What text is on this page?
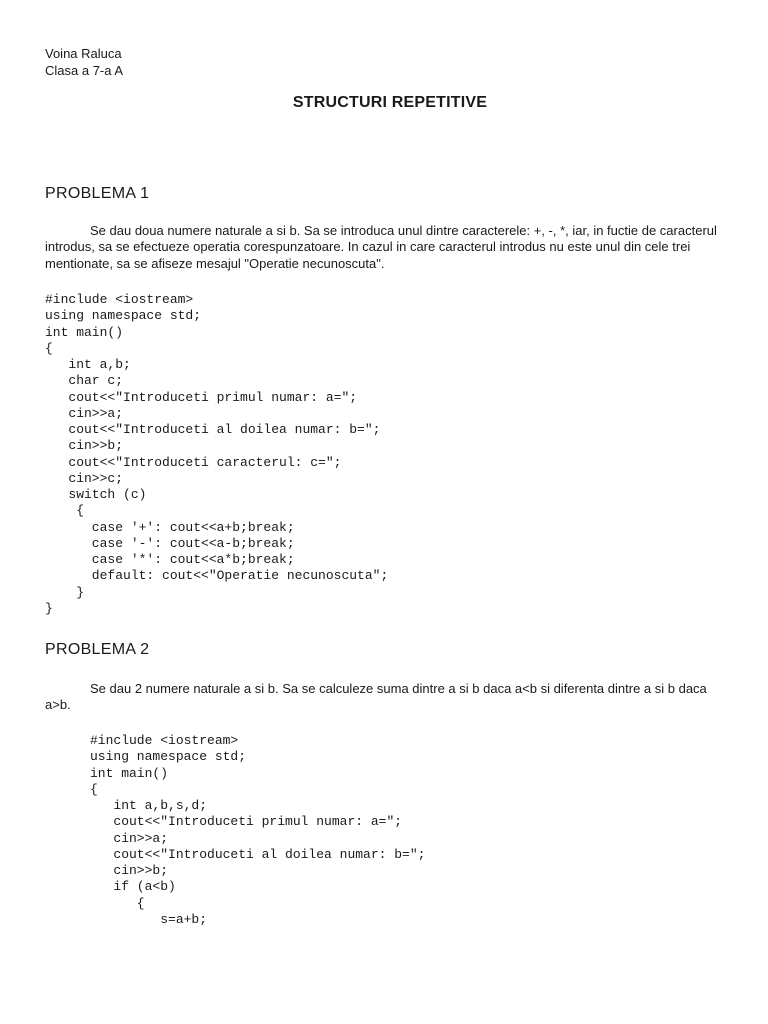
Voina Raluca
Clasa a 7-a A
STRUCTURI REPETITIVE
PROBLEMA 1
Se dau doua numere naturale a si b. Sa se introduca unul dintre caracterele: +, -, *, iar, in fuctie de caracterul introdus, sa se efectueze operatia corespunzatoare. In cazul in care caracterul introdus nu este unul din cele trei mentionate, sa se afiseze mesajul "Operatie necunoscuta".
#include <iostream>
using namespace std;
int main()
{
int a,b;
char c;
cout<<"Introduceti primul numar: a=";
cin>>a;
cout<<"Introduceti al doilea numar: b=";
cin>>b;
cout<<"Introduceti caracterul: c=";
cin>>c;
switch (c)
{
case '+': cout<<a+b;break;
case '-': cout<<a-b;break;
case '*': cout<<a*b;break;
default: cout<<"Operatie necunoscuta";
}
}
PROBLEMA 2
Se dau 2 numere naturale a si b. Sa se calculeze suma dintre a si b daca a<b si diferenta dintre a si b daca a>b.
#include <iostream>
using namespace std;
int main()
{
int a,b,s,d;
cout<<"Introduceti primul numar: a=";
cin>>a;
cout<<"Introduceti al doilea numar: b=";
cin>>b;
if (a<b)
{
s=a+b;
